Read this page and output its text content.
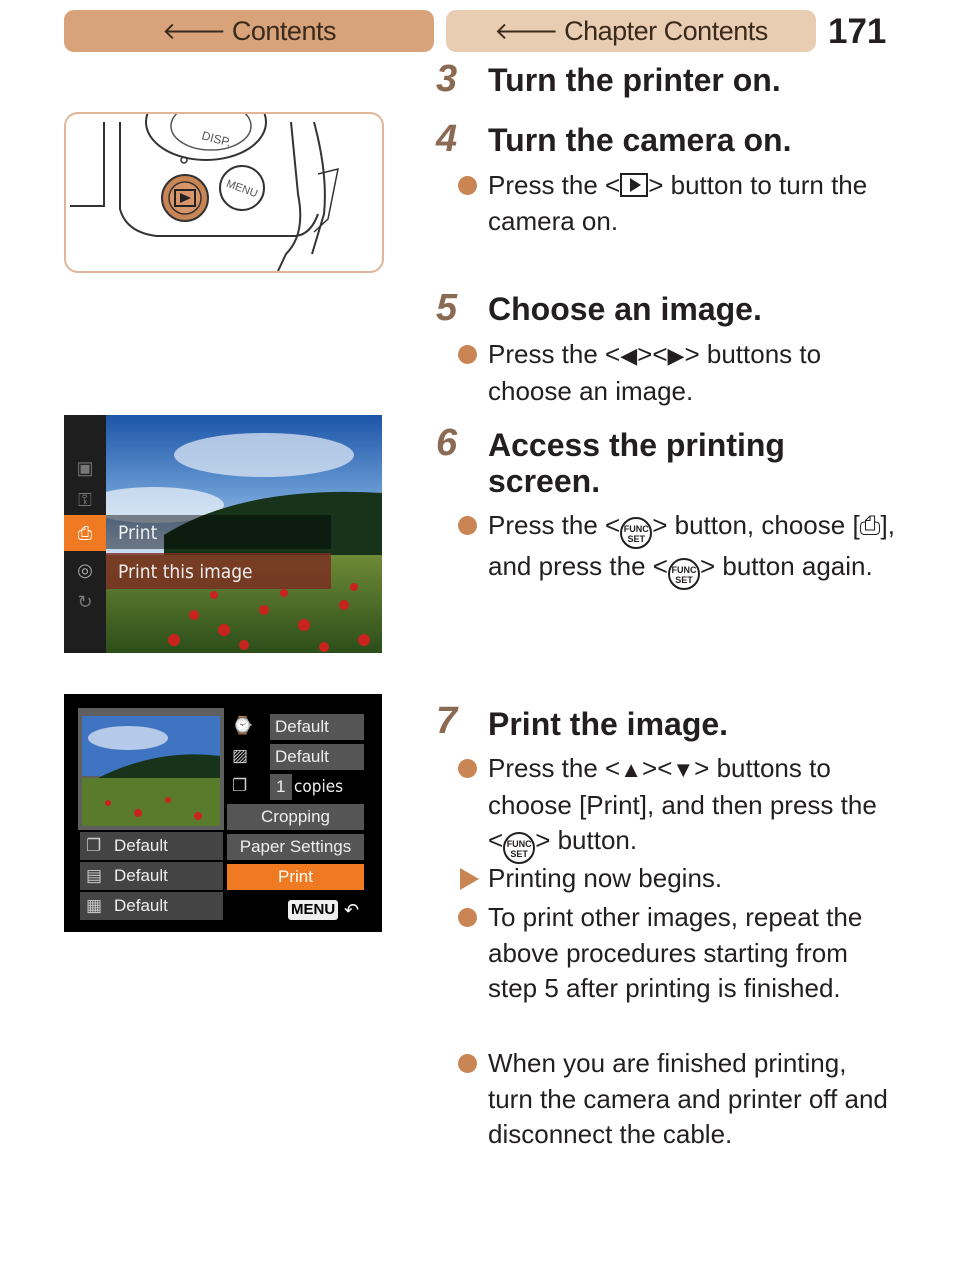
🡐 Contents	🡐 Chapter Contents 171
3 Turn the printer on.
4 Turn the camera on.
Press the < > button to turn the camera on.
5 Choose an image.
Press the <◀><▶> buttons to choose an image.
6 Access the printing
screen.
Press the < FUNC
SET > button, choose [⎙], and press the < FUNC
SET > button again.
7 Print the image.
Press the <▲><▼> buttons to choose [Print], and then press the < FUNC
SET > button.
Printing now begins.
To print other images, repeat the above procedures starting from step 5 after printing is finished.
When you are finished printing, turn the camera and printer off and disconnect the cable.
DISP.
MENU
▣
⚿
⎙
◎
↻
Print
Print this image
⌚
▨
❐
Default
Default
1 copies
Cropping
Paper Settings
Print
Default
Default
Default
❐
▤
▦	MENU ↶
